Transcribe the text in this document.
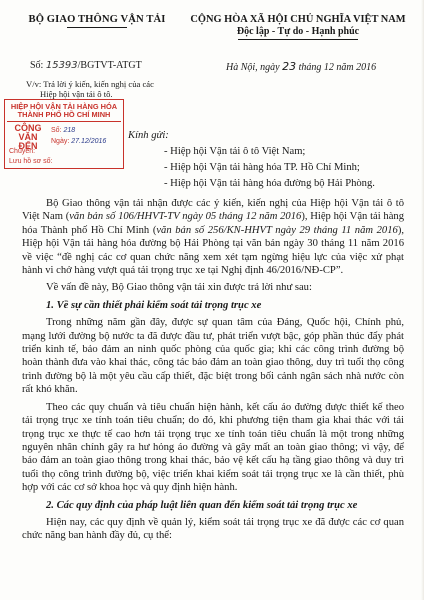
BỘ GIAO THÔNG VẬN TẢI	CỘNG HÒA XÃ HỘI CHỦ NGHĨA VIỆT NAM
Độc lập - Tự do - Hạnh phúc
Số: 15393/BGTVT-ATGT	Hà Nội, ngày 23 tháng 12 năm 2016
V/v: Trả lời ý kiến, kiến nghị của các
Hiệp hội vận tải ô tô.
HIỆP HỘI VẬN TẢI HÀNG HÓA
THÀNH PHỐ HỒ CHÍ MINH
CÔNG VĂN
ĐẾN
Số: 218
Ngày: 27.12/2016
Chuyển:
Lưu hồ sơ số:
Kính gửi:
- Hiệp hội Vận tải ô tô Việt Nam;
- Hiệp hội Vận tải hàng hóa TP. Hồ Chí Minh;
- Hiệp hội Vận tải hàng hóa đường bộ Hải Phòng.

Bộ Giao thông vận tải nhận được các ý kiến, kiến nghị của Hiệp hội Vận tải ô tô Việt Nam (văn bản số 106/HHVT-TV ngày 05 tháng 12 năm 2016), Hiệp hội Vận tải hàng hóa Thành phố Hồ Chí Minh (văn bản số 256/KN-HHVT ngày 29 tháng 11 năm 2016), Hiệp hội Vận tải hàng hóa đường bộ Hải Phòng tại văn bản ngày 30 tháng 11 năm 2016 về việc “đề nghị các cơ quan chức năng xem xét tạm ngừng hiệu lực của việc xử phạt hành vi chở hàng vượt quá tải trọng trục xe tại Nghị định 46/2016/NĐ-CP”.

Về vấn đề này, Bộ Giao thông vận tải xin được trả lời như sau:

1. Về sự cần thiết phải kiểm soát tải trọng trục xe

Trong những năm gần đây, được sự quan tâm của Đảng, Quốc hội, Chính phủ, mạng lưới đường bộ nước ta đã được đầu tư, phát triển vượt bậc, góp phần thúc đẩy phát triển kinh tế, bảo đảm an ninh quốc phòng của quốc gia; khi các công trình đường bộ hoàn thành đưa vào khai thác, công tác bảo đảm an toàn giao thông, duy trì tuổi thọ công trình đường bộ là một yêu cầu cấp thiết, đặc biệt trong bối cảnh ngân sách nhà nước còn rất khó khăn.

Theo các quy chuẩn và tiêu chuẩn hiện hành, kết cấu áo đường được thiết kế theo tải trọng trục xe tính toán tiêu chuẩn; do đó, khi phương tiện tham gia khai thác với tải trọng trục xe thực tế cao hơn tải trọng trục xe tính toán tiêu chuẩn là một trong những nguyên nhân chính gây ra hư hỏng áo đường và gây mất an toàn giao thông; vì vậy, để bảo đảm an toàn giao thông trong khai thác, bảo vệ kết cấu hạ tầng giao thông và duy trì tuổi thọ công trình đường bộ, việc triển khai kiểm soát tải trọng trục xe là cần thiết, phù hợp với các cơ sở khoa học và quy định hiện hành.

2. Các quy định của pháp luật liên quan đến kiểm soát tải trọng trục xe

Hiện nay, các quy định về quản lý, kiểm soát tải trọng trục xe đã được các cơ quan chức năng ban hành đầy đủ, cụ thể:
